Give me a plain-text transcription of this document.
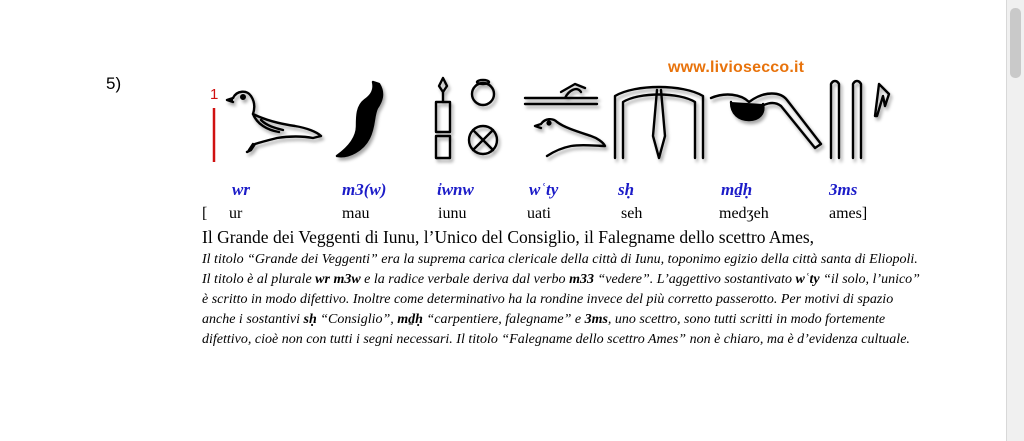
5)
www.liviosecco.it
1
wr	m3(w)	ἰwnw	wʿty	sḥ	mḏḥ	3ms
[ ur	mau	iunu	uati	seh	medʒeh	ames]
Il Grande dei Veggenti di Iunu, l’Unico del Consiglio, il Falegname dello scettro Ames,
Il titolo “Grande dei Veggenti” era la suprema carica clericale della città di Iunu, toponimo egizio della città santa di Eliopoli. Il titolo è al plurale wr m3w e la radice verbale deriva dal verbo m33 “vedere”. L’aggettivo sostantivato wʿty “il solo, l’unico” è scritto in modo difettivo. Inoltre come determinativo ha la rondine invece del più corretto passerotto. Per motivi di spazio anche i sostantivi sḥ “Consiglio”, mḏḥ “carpentiere, falegname” e 3ms, uno scettro, sono tutti scritti in modo fortemente difettivo, cioè non con tutti i segni necessari. Il titolo “Falegname dello scettro Ames” non è chiaro, ma è d’evidenza cultuale.
